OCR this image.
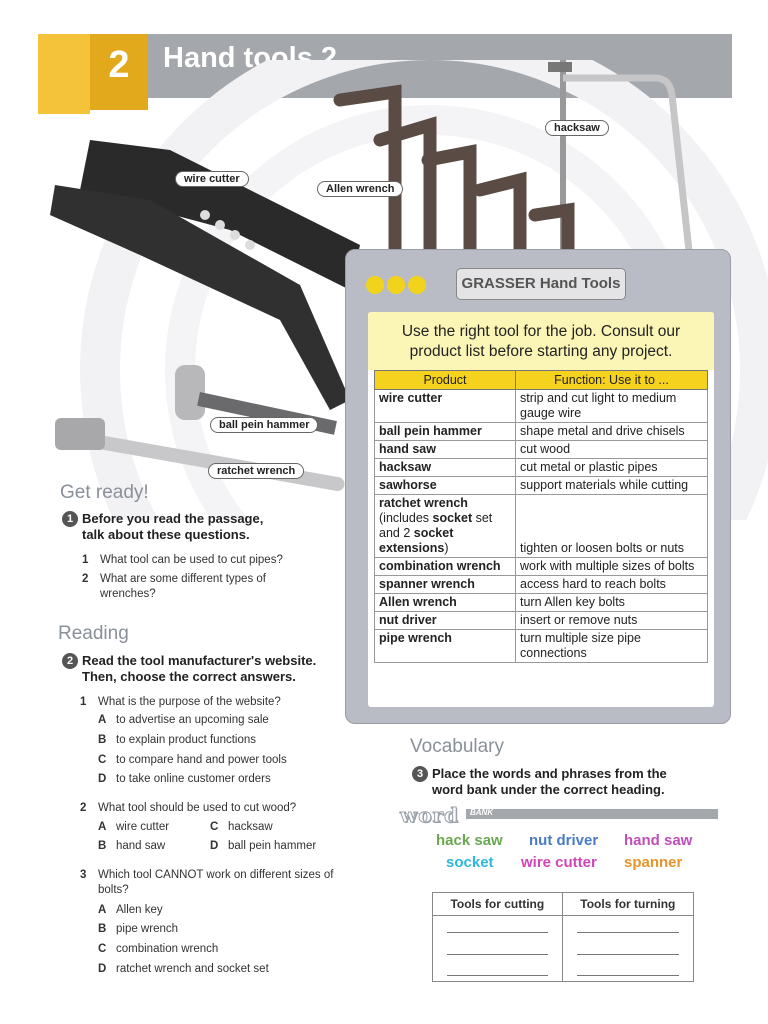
2	Hand tools 2
wire cutter
Allen wrench
hacksaw
ball pein hammer
ratchet wrench
GRASSER Hand Tools
Use the right tool for the job. Consult our product list before starting any project.
Product	Function: Use it to ...
wire cutter	strip and cut light to medium gauge wire
ball pein hammer	shape metal and drive chisels
hand saw	cut wood
hacksaw	cut metal or plastic pipes
sawhorse	support materials while cutting
ratchet wrench (includes socket set and 2 socket extensions)	tighten or loosen bolts or nuts
combination wrench	work with multiple sizes of bolts
spanner wrench	access hard to reach bolts
Allen wrench	turn Allen key bolts
nut driver	insert or remove nuts
pipe wrench	turn multiple size pipe connections
Get ready!
1 Before you read the passage,
talk about these questions.
1 What tool can be used to cut pipes?
2 What are some different types of
wrenches?
Reading
2 Read the tool manufacturer's website.
Then, choose the correct answers.
1 What is the purpose of the website?
A to advertise an upcoming sale
B to explain product functions
C to compare hand and power tools
D to take online customer orders
2 What tool should be used to cut wood?
A wire cutter	C hacksaw
B hand saw	D ball pein hammer
3 Which tool CANNOT work on different sizes of
bolts?
A Allen key
B pipe wrench
C combination wrench
D ratchet wrench and socket set
Vocabulary
3 Place the words and phrases from the
word bank under the correct heading.
word BANK
hack saw nut driver hand saw
socket wire cutter spanner
Tools for cutting	Tools for turning
